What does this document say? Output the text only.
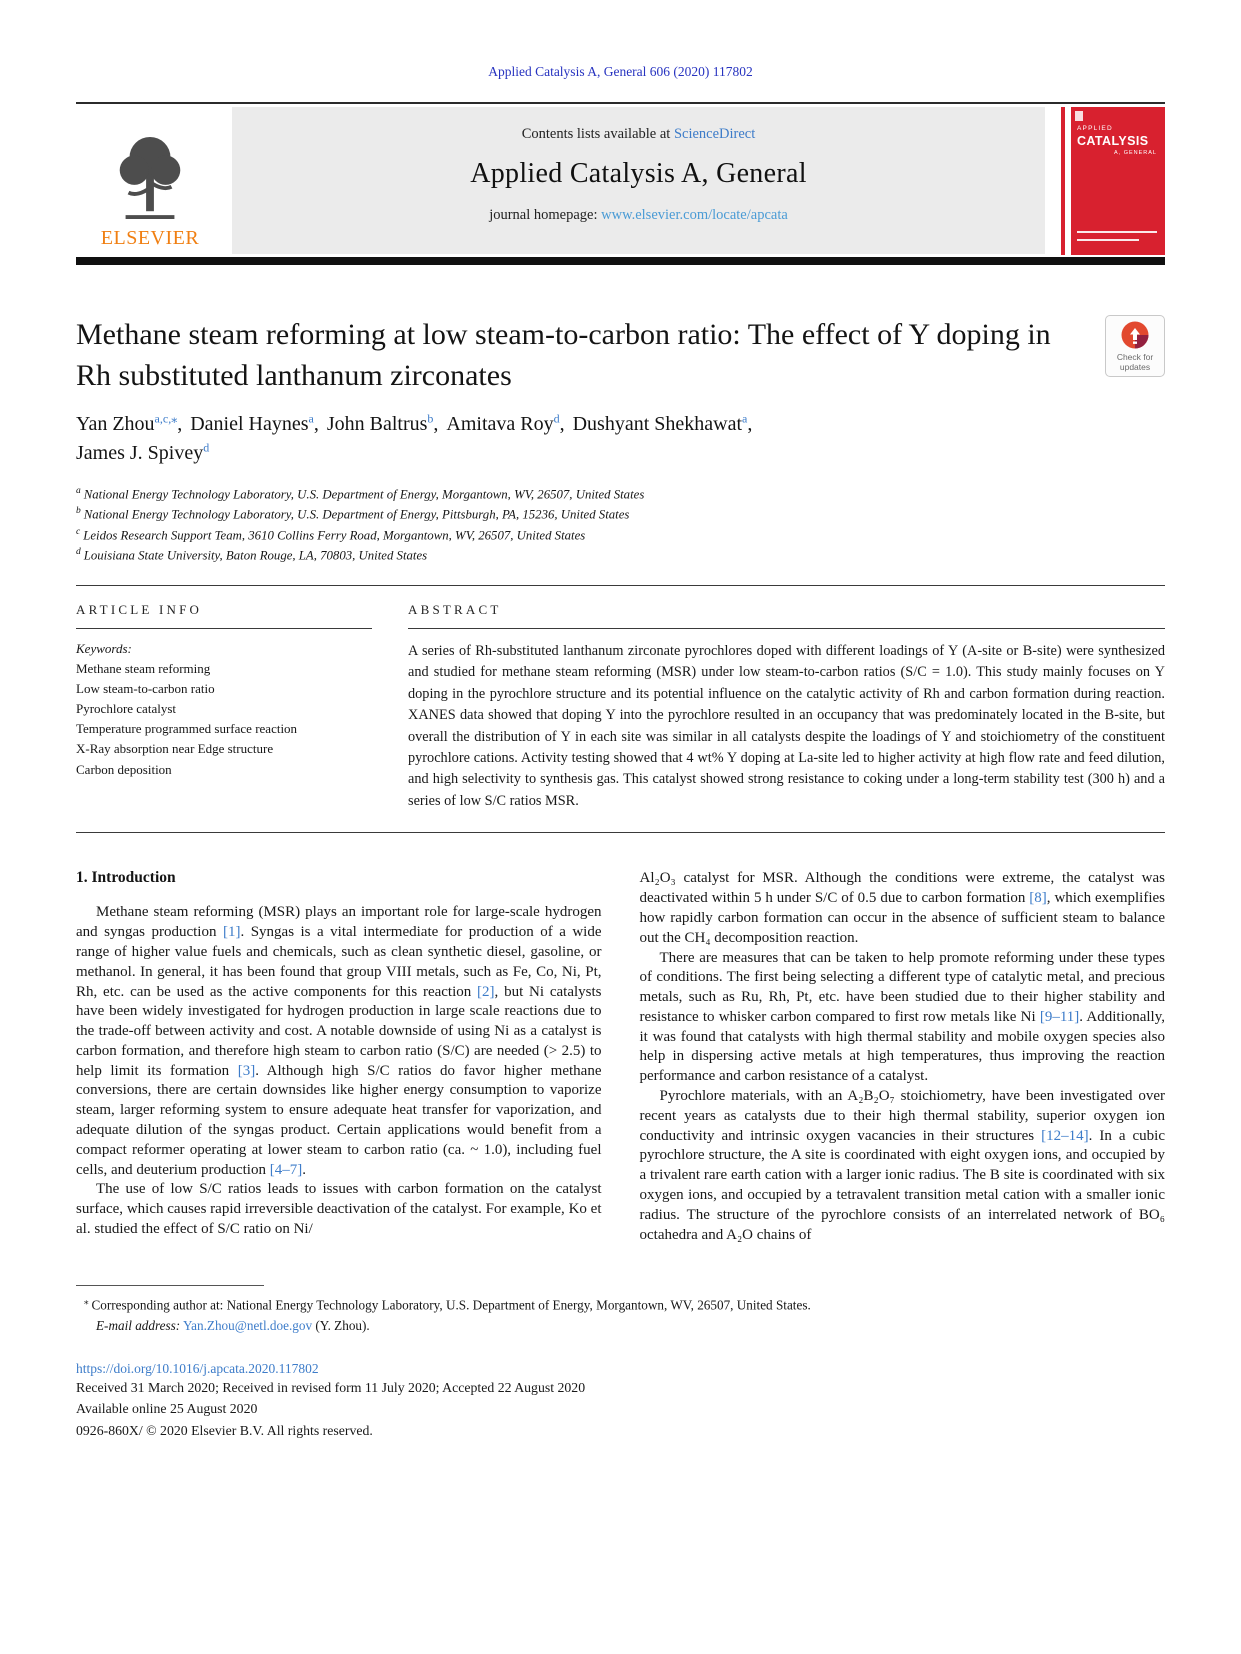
Applied Catalysis A, General 606 (2020) 117802
ELSEVIER
Contents lists available at ScienceDirect
Applied Catalysis A, General
journal homepage: www.elsevier.com/locate/apcata
APPLIED
CATALYSIS
A, GENERAL
Methane steam reforming at low steam-to-carbon ratio: The effect of Y doping in Rh substituted lanthanum zirconates
Check for updates
Yan Zhou$^{a,c,⁎}$, Daniel Haynes$^a$, John Baltrus$^b$, Amitava Roy$^d$, Dushyant Shekhawat$^a$,
James J. Spivey$^d$
$^a$ National Energy Technology Laboratory, U.S. Department of Energy, Morgantown, WV, 26507, United States
$^b$ National Energy Technology Laboratory, U.S. Department of Energy, Pittsburgh, PA, 15236, United States
$^c$ Leidos Research Support Team, 3610 Collins Ferry Road, Morgantown, WV, 26507, United States
$^d$ Louisiana State University, Baton Rouge, LA, 70803, United States
ARTICLE INFO
Keywords:
Methane steam reforming
Low steam-to-carbon ratio
Pyrochlore catalyst
Temperature programmed surface reaction
X-Ray absorption near Edge structure
Carbon deposition
ABSTRACT

A series of Rh-substituted lanthanum zirconate pyrochlores doped with different loadings of Y (A-site or B-site) were synthesized and studied for methane steam reforming (MSR) under low steam-to-carbon ratios (S/C = 1.0). This study mainly focuses on Y doping in the pyrochlore structure and its potential influence on the catalytic activity of Rh and carbon formation during reaction. XANES data showed that doping Y into the pyrochlore resulted in an occupancy that was predominately located in the B-site, but overall the distribution of Y in each site was similar in all catalysts despite the loadings of Y and stoichiometry of the constituent pyrochlore cations. Activity testing showed that 4 wt% Y doping at La-site led to higher activity at high flow rate and feed dilution, and high selectivity to synthesis gas. This catalyst showed strong resistance to coking under a long-term stability test (300 h) and a series of low S/C ratios MSR.

1. Introduction

Methane steam reforming (MSR) plays an important role for large-scale hydrogen and syngas production [1]. Syngas is a vital intermediate for production of a wide range of higher value fuels and chemicals, such as clean synthetic diesel, gasoline, or methanol. In general, it has been found that group VIII metals, such as Fe, Co, Ni, Pt, Rh, etc. can be used as the active components for this reaction [2], but Ni catalysts have been widely investigated for hydrogen production in large scale reactions due to the trade-off between activity and cost. A notable downside of using Ni as a catalyst is carbon formation, and therefore high steam to carbon ratio (S/C) are needed (> 2.5) to help limit its formation [3]. Although high S/C ratios do favor higher methane conversions, there are certain downsides like higher energy consumption to vaporize steam, larger reforming system to ensure adequate heat transfer for vaporization, and adequate dilution of the syngas product. Certain applications would benefit from a compact reformer operating at lower steam to carbon ratio (ca. ~ 1.0), including fuel cells, and deuterium production [4–7].

The use of low S/C ratios leads to issues with carbon formation on the catalyst surface, which causes rapid irreversible deactivation of the catalyst. For example, Ko et al. studied the effect of S/C ratio on Ni/

Al₂O₃ catalyst for MSR. Although the conditions were extreme, the catalyst was deactivated within 5 h under S/C of 0.5 due to carbon formation [8], which exemplifies how rapidly carbon formation can occur in the absence of sufficient steam to balance out the CH₄ decomposition reaction.

There are measures that can be taken to help promote reforming under these types of conditions. The first being selecting a different type of catalytic metal, and precious metals, such as Ru, Rh, Pt, etc. have been studied due to their higher stability and resistance to whisker carbon compared to first row metals like Ni [9–11]. Additionally, it was found that catalysts with high thermal stability and mobile oxygen species also help in dispersing active metals at high temperatures, thus improving the reaction performance and carbon resistance of a catalyst.

Pyrochlore materials, with an A₂B₂O₇ stoichiometry, have been investigated over recent years as catalysts due to their high thermal stability, superior oxygen ion conductivity and intrinsic oxygen vacancies in their structures [12–14]. In a cubic pyrochlore structure, the A site is coordinated with eight oxygen ions, and occupied by a trivalent rare earth cation with a larger ionic radius. The B site is coordinated with six oxygen ions, and occupied by a tetravalent transition metal cation with a smaller ionic radius. The structure of the pyrochlore consists of an interrelated network of BO₆ octahedra and A₂O chains of

⁎ Corresponding author at: National Energy Technology Laboratory, U.S. Department of Energy, Morgantown, WV, 26507, United States.
E-mail address: Yan.Zhou@netl.doe.gov (Y. Zhou).
https://doi.org/10.1016/j.apcata.2020.117802
Received 31 March 2020; Received in revised form 11 July 2020; Accepted 22 August 2020
Available online 25 August 2020
0926-860X/ © 2020 Elsevier B.V. All rights reserved.
